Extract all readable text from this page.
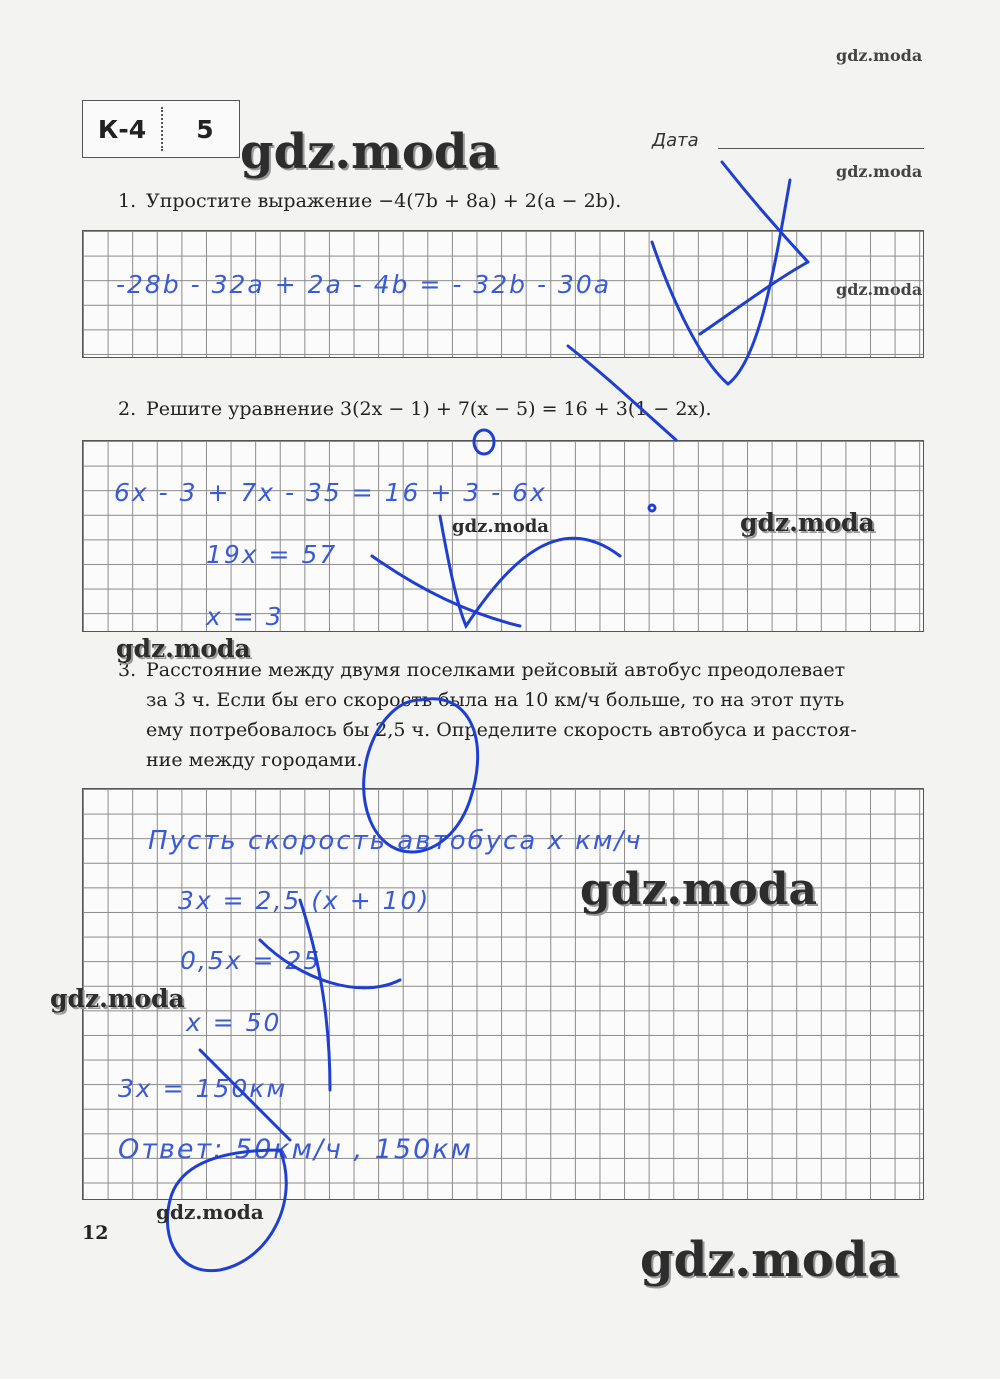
К-4	5	Дата
1. Упростите выражение −4(7b + 8a) + 2(a − 2b).
-28b - 32a + 2a - 4b = - 32b - 30a
2. Решите уравнение 3(2x − 1) + 7(x − 5) = 16 + 3(1 − 2x).
6x - 3 + 7x - 35 = 16 + 3 - 6x
19x = 57
x = 3
3. Расстояние между двумя поселками рейсовый автобус преодолевает
за 3 ч. Если бы его скорость была на 10 км/ч больше, то на этот путь
ему потребовалось бы 2,5 ч. Определите скорость автобуса и расстоя-
ние между городами.
Пусть скорость автобуса x км/ч
3x = 2,5 (x + 10)
0,5x = 25
x = 50
3x = 150км
Ответ: 50км/ч , 150км
gdz.moda
gdz.moda
gdz.moda
gdz.moda
gdz.moda	gdz.moda
gdz.moda
gdz.moda
gdz.moda
gdz.moda
gdz.moda
12
